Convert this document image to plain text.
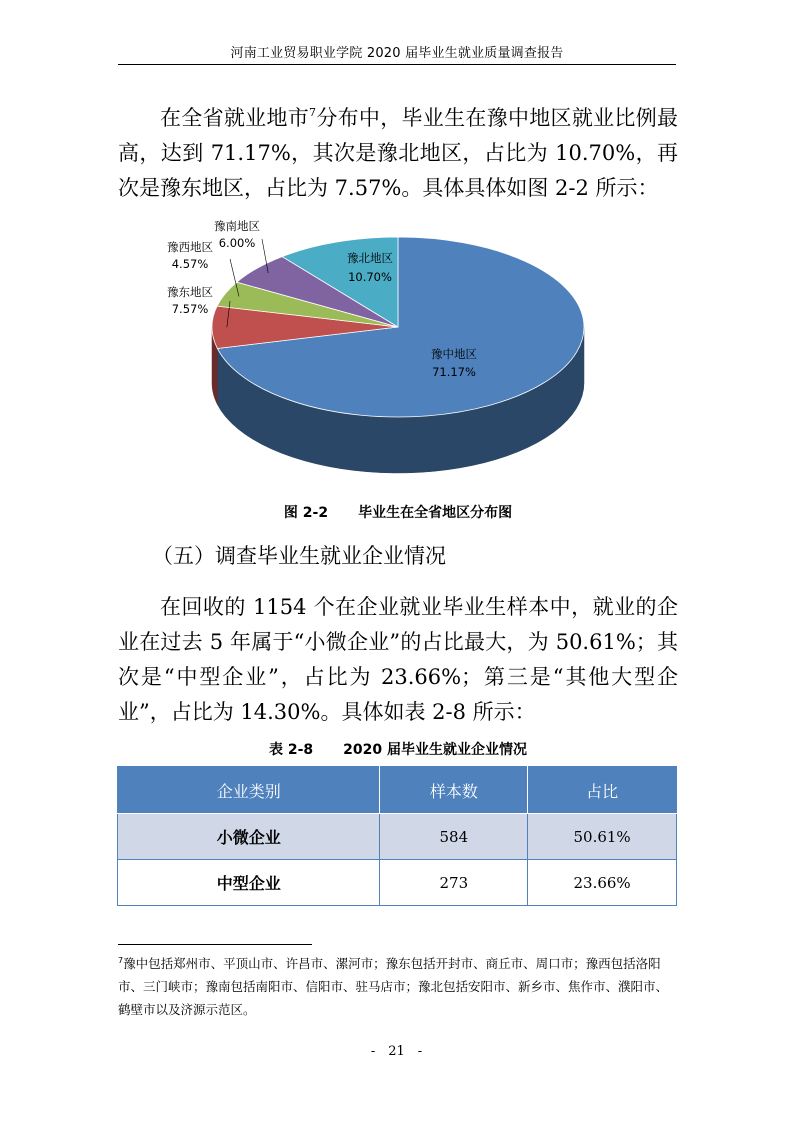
河南工业贸易职业学院 2020 届毕业生就业质量调查报告

在全省就业地市$^7$分布中，毕业生在豫中地区就业比例最高，达到 71.17%，其次是豫北地区，占比为 10.70%，再次是豫东地区，占比为 7.57%。具体具体如图 2-2 所示：

豫中地区
71.17%
豫东地区
7.57%
豫西地区
4.57%
豫南地区
6.00%
豫北地区
10.70%
图 2-2 毕业生在全省地区分布图
（五）调查毕业生就业企业情况

在回收的 1154 个在企业就业毕业生样本中，就业的企业在过去 5 年属于“小微企业”的占比最大，为 50.61%；其次是“中型企业”，占比为 23.66%；第三是“其他大型企业”，占比为 14.30%。具体如表 2-8 所示：

表 2-8 2020 届毕业生就业企业情况
企业类别	样本数	占比
小微企业	584	50.61%
中型企业	273	23.66%

$^7$豫中包括郑州市、平顶山市、许昌市、漯河市；豫东包括开封市、商丘市、周口市；豫西包括洛阳市、三门峡市；豫南包括南阳市、信阳市、驻马店市；豫北包括安阳市、新乡市、焦作市、濮阳市、鹤壁市以及济源示范区。

-　21　-
